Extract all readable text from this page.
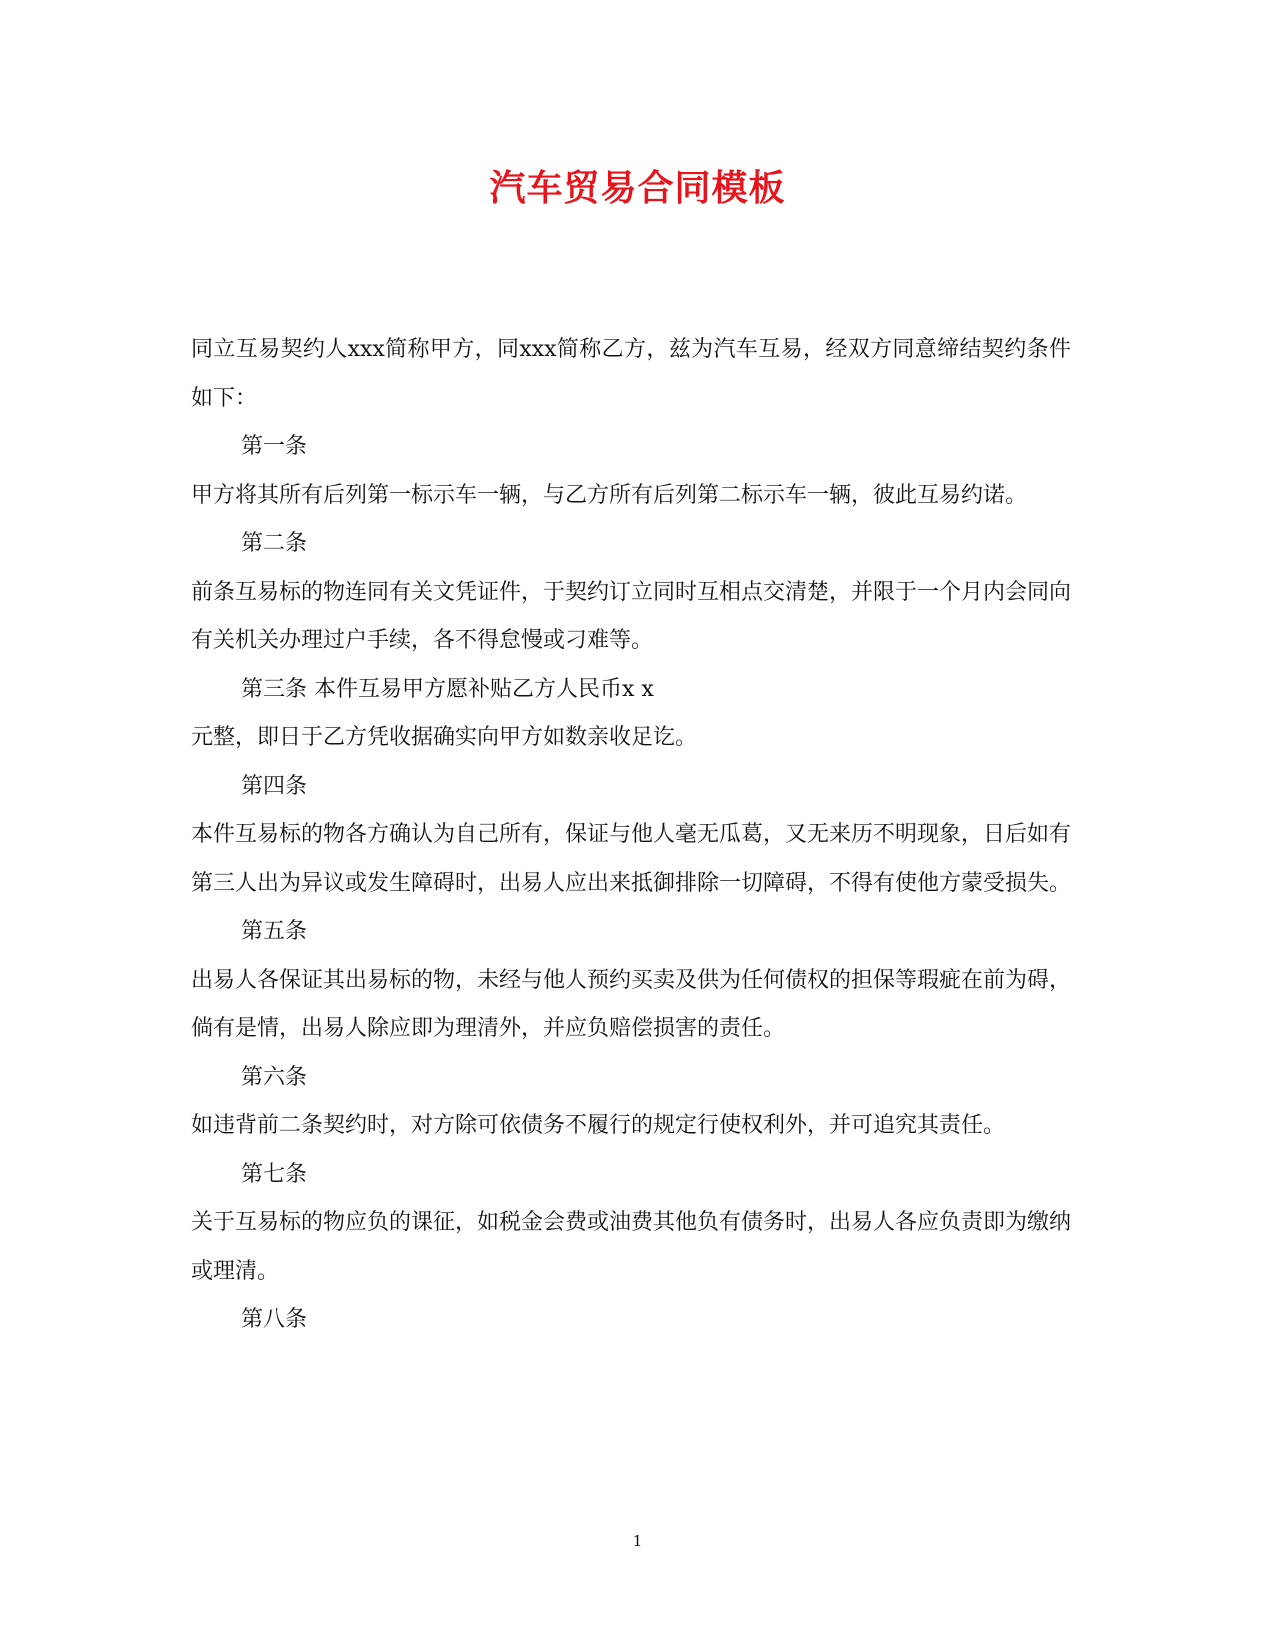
汽车贸易合同模板

同立互易契约人xxx简称甲方，同xxx简称乙方，兹为汽车互易，经双方同意缔结契约条件如下：

第一条

甲方将其所有后列第一标示车一辆，与乙方所有后列第二标示车一辆，彼此互易约诺。

第二条

前条互易标的物连同有关文凭证件，于契约订立同时互相点交清楚，并限于一个月内会同向有关机关办理过户手续，各不得怠慢或刁难等。

第三条 本件互易甲方愿补贴乙方人民币x x

元整，即日于乙方凭收据确实向甲方如数亲收足讫。

第四条

本件互易标的物各方确认为自己所有，保证与他人毫无瓜葛，又无来历不明现象，日后如有第三人出为异议或发生障碍时，出易人应出来抵御排除一切障碍，不得有使他方蒙受损失。

第五条

出易人各保证其出易标的物，未经与他人预约买卖及供为任何债权的担保等瑕疵在前为碍，倘有是情，出易人除应即为理清外，并应负赔偿损害的责任。

第六条

如违背前二条契约时，对方除可依债务不履行的规定行使权利外，并可追究其责任。

第七条

关于互易标的物应负的课征，如税金会费或油费其他负有债务时，出易人各应负责即为缴纳或理清。

第八条

1
